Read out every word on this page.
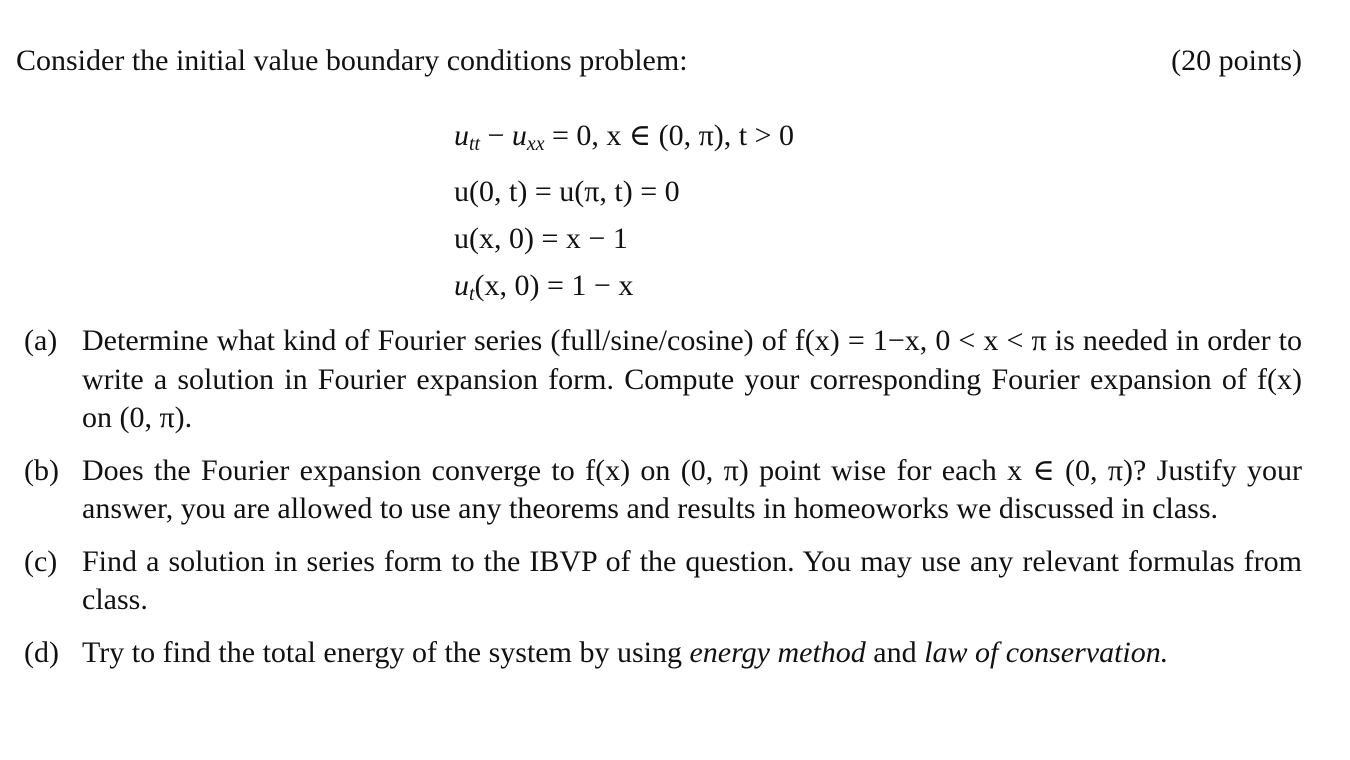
Consider the initial value boundary conditions problem:	(20 points)
$u_{tt} - u_{xx} = 0$, x ∈ (0, π), t > 0
u(0, t) = u(π, t) = 0
u(x, 0) = x − 1
$u_t(x$, 0) = 1 − x
(a) Determine what kind of Fourier series (full/sine/cosine) of f(x) = 1−x, 0 < x < π is needed in order to write a solution in Fourier expansion form. Compute your corresponding Fourier expansion of f(x) on (0, π).
(b) Does the Fourier expansion converge to f(x) on (0, π) point wise for each x ∈ (0, π)? Justify your answer, you are allowed to use any theorems and results in homeoworks we discussed in class.
(c) Find a solution in series form to the IBVP of the question. You may use any relevant formulas from class.
(d) Try to find the total energy of the system by using energy method and law of conservation.
